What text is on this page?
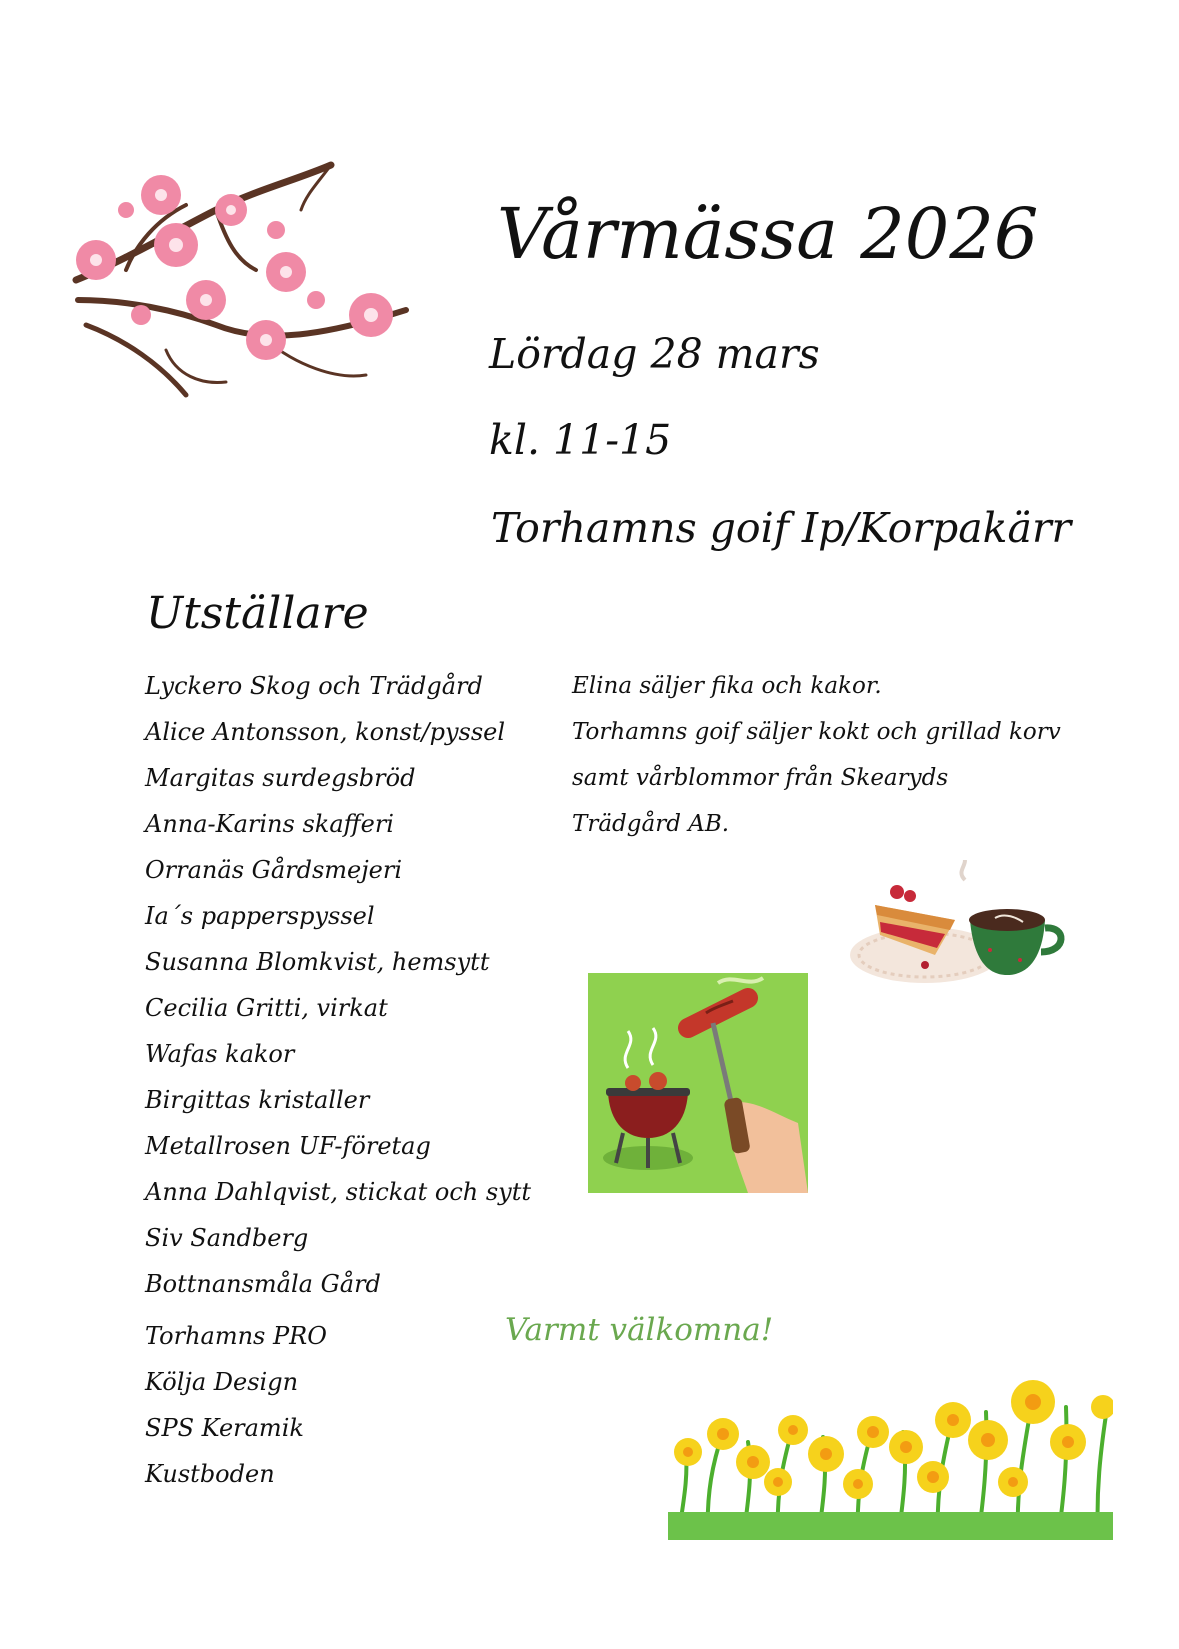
Vårmässa 2026
Lördag 28 mars
kl. 11-15
Torhamns goif Ip/Korpakärr
Utställare
Lyckero Skog och Trädgård
Alice Antonsson, konst/pyssel
Margitas surdegsbröd
Anna-Karins skafferi
Orranäs Gårdsmejeri
Ia´s papperspyssel
Susanna Blomkvist, hemsytt
Cecilia Gritti, virkat
Wafas kakor
Birgittas kristaller
Metallrosen UF-företag
Anna Dahlqvist, stickat och sytt
Siv Sandberg
Bottnansmåla Gård
Torhamns PRO
Kölja Design
SPS Keramik
Kustboden
Elina säljer fika och kakor.
Torhamns goif säljer kokt och grillad korv
samt vårblommor från Skearyds
Trädgård AB.
Varmt välkomna!
